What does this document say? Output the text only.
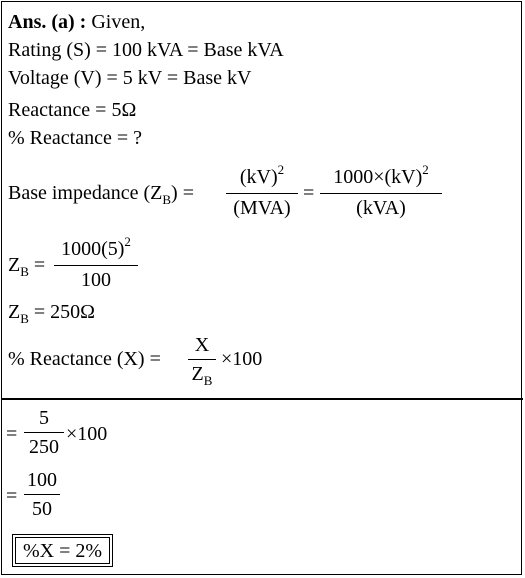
Ans. (a) : Given,
Rating (S) = 100 kVA = Base kVA
Voltage (V) = 5 kV = Base kV
Reactance = 5Ω
% Reactance = ?
Base impedance $(Z_B)$ =
(kV)$^2$
(MVA)
=
1000×(kV)$^2$
(kVA)
$Z_B$ =
$1000(5)^2$
100
$Z_B = 250\Omega$
% Reactance (X) =
X
$Z_B$
×100
=
5
250
×100
=
100
50
%X = 2%
